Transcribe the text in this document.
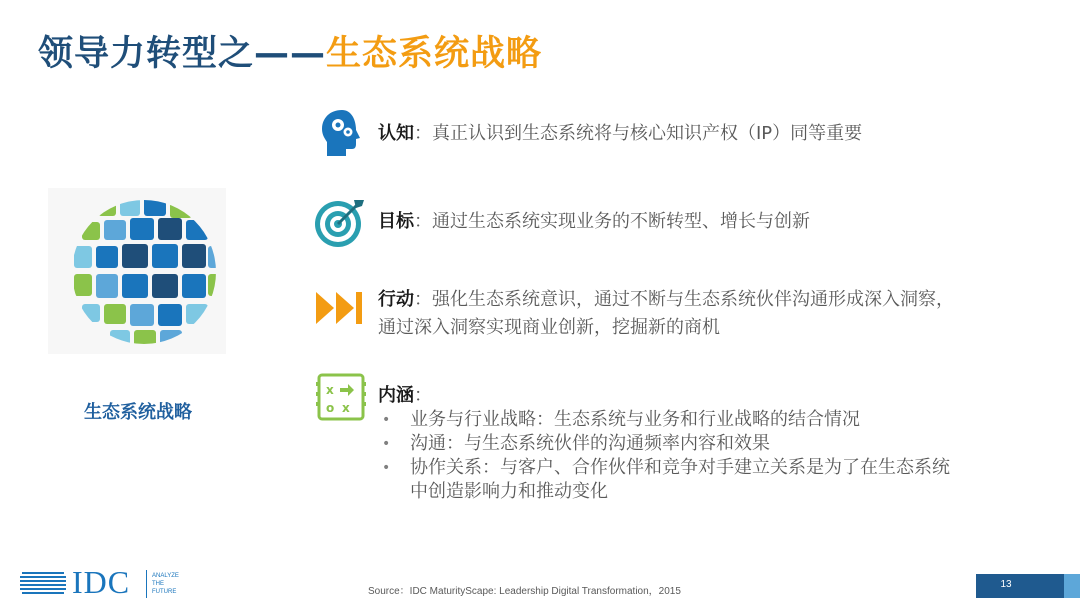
领导力转型之——生态系统战略
生态系统战略
认知：真正认识到生态系统将与核心知识产权（IP）同等重要
目标：通过生态系统实现业务的不断转型、增长与创新
行动：强化生态系统意识，通过不断与生态系统伙伴沟通形成深入洞察，
通过深入洞察实现商业创新，挖掘新的商机
x
o x
内涵：
• 业务与行业战略：生态系统与业务和行业战略的结合情况
• 沟通：与生态系统伙伴的沟通频率内容和效果
• 协作关系：与客户、合作伙伴和竞争对手建立关系是为了在生态系统
中创造影响力和推动变化
IDC	ANALYZE
THE
FUTURE	Source：IDC MaturityScape: Leadership Digital Transformation，2015
13
